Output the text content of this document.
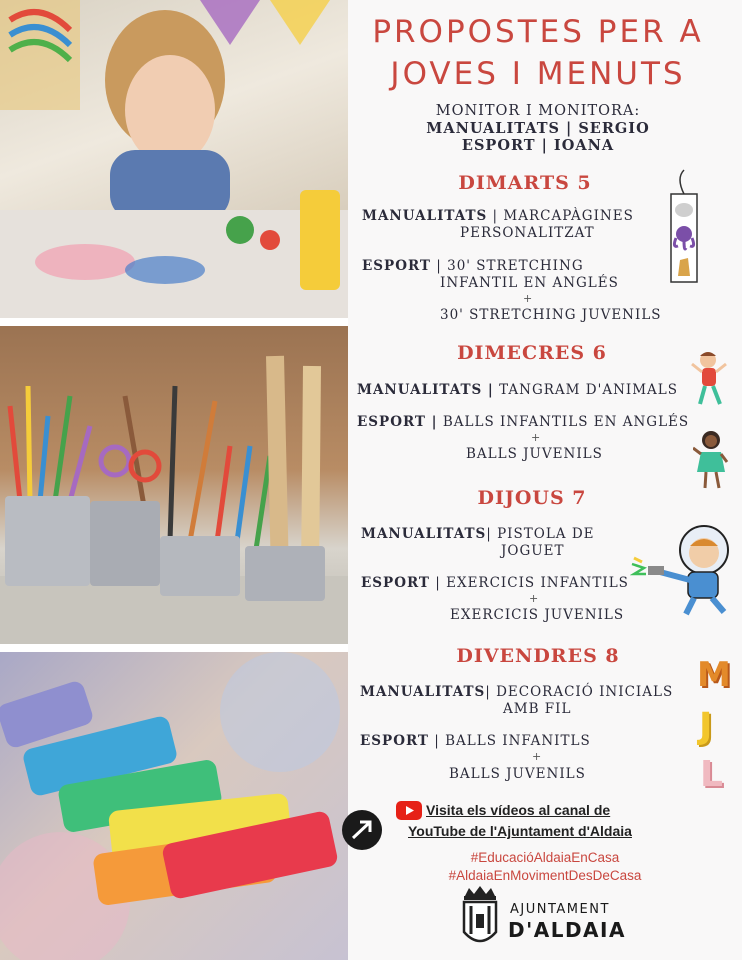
PROPOSTES PER A
JOVES I MENUTS
MONITOR I MONITORA:
MANUALITATS | SERGIO
ESPORT | IOANA
DIMARTS 5
MANUALITATS | MARCAPÀGINES
PERSONALITZAT
ESPORT | 30' STRETCHING
INFANTIL EN ANGLÉS
+
30' STRETCHING JUVENILS
DIMECRES 6
MANUALITATS | TANGRAM D'ANIMALS
ESPORT | BALLS INFANTILS EN ANGLÉS
+
BALLS JUVENILS
DIJOUS 7
MANUALITATS| PISTOLA DE
JOGUET
ESPORT | EXERCICIS INFANTILS
+
EXERCICIS JUVENILS
DIVENDRES 8
MANUALITATS| DECORACIÓ INICIALS
AMB FIL
ESPORT | BALLS INFANITLS
+
BALLS JUVENILS
M
J
L
Visita els vídeos al canal de
YouTube de l'Ajuntament d'Aldaia
#EducacióAldaiaEnCasa
#AldaiaEnMovimentDesDeCasa
AJUNTAMENT
D'ALDAIA
